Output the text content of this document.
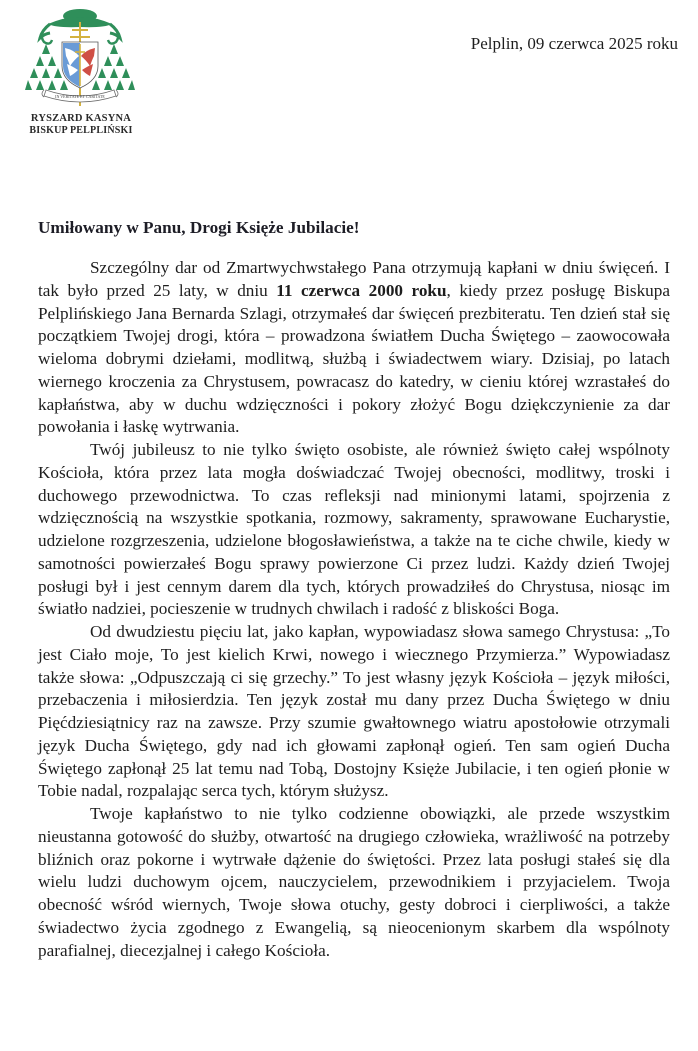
IN VERITATE ET CARITATE
RYSZARD KASYNA
BISKUP PELPLIŃSKI
Pelplin, 09 czerwca 2025 roku
Umiłowany w Panu, Drogi Księże Jubilacie!

Szczególny dar od Zmartwychwstałego Pana otrzymują kapłani w dniu święceń. I tak było przed 25 laty, w dniu 11 czerwca 2000 roku, kiedy przez posługę Biskupa Pelplińskiego Jana Bernarda Szlagi, otrzymałeś dar święceń prezbiteratu. Ten dzień stał się początkiem Twojej drogi, która – prowadzona światłem Ducha Świętego – zaowocowała wieloma dobrymi dziełami, modlitwą, służbą i świadectwem wiary. Dzisiaj, po latach wiernego kroczenia za Chrystusem, powracasz do katedry, w cieniu której wzrastałeś do kapłaństwa, aby w duchu wdzięczności i pokory złożyć Bogu dziękczynienie za dar powołania i łaskę wytrwania.

Twój jubileusz to nie tylko święto osobiste, ale również święto całej wspólnoty Kościoła, która przez lata mogła doświadczać Twojej obecności, modlitwy, troski i duchowego przewodnictwa. To czas refleksji nad minionymi latami, spojrzenia z wdzięcznością na wszystkie spotkania, rozmowy, sakramenty, sprawowane Eucharystie, udzielone rozgrzeszenia, udzielone błogosławieństwa, a także na te ciche chwile, kiedy w samotności powierzałeś Bogu sprawy powierzone Ci przez ludzi. Każdy dzień Twojej posługi był i jest cennym darem dla tych, których prowadziłeś do Chrystusa, niosąc im światło nadziei, pocieszenie w trudnych chwilach i radość z bliskości Boga.

Od dwudziestu pięciu lat, jako kapłan, wypowiadasz słowa samego Chrystusa: „To jest Ciało moje, To jest kielich Krwi, nowego i wiecznego Przymierza.” Wypowiadasz także słowa: „Odpuszczają ci się grzechy.” To jest własny język Kościoła – język miłości, przebaczenia i miłosierdzia. Ten język został mu dany przez Ducha Świętego w dniu Pięćdziesiątnicy raz na zawsze. Przy szumie gwałtownego wiatru apostołowie otrzymali język Ducha Świętego, gdy nad ich głowami zapłonął ogień. Ten sam ogień Ducha Świętego zapłonął 25 lat temu nad Tobą, Dostojny Księże Jubilacie, i ten ogień płonie w Tobie nadal, rozpalając serca tych, którym służysz.

Twoje kapłaństwo to nie tylko codzienne obowiązki, ale przede wszystkim nieustanna gotowość do służby, otwartość na drugiego człowieka, wrażliwość na potrzeby bliźnich oraz pokorne i wytrwałe dążenie do świętości. Przez lata posługi stałeś się dla wielu ludzi duchowym ojcem, nauczycielem, przewodnikiem i przyjacielem. Twoja obecność wśród wiernych, Twoje słowa otuchy, gesty dobroci i cierpliwości, a także świadectwo życia zgodnego z Ewangelią, są nieocenionym skarbem dla wspólnoty parafialnej, diecezjalnej i całego Kościoła.
